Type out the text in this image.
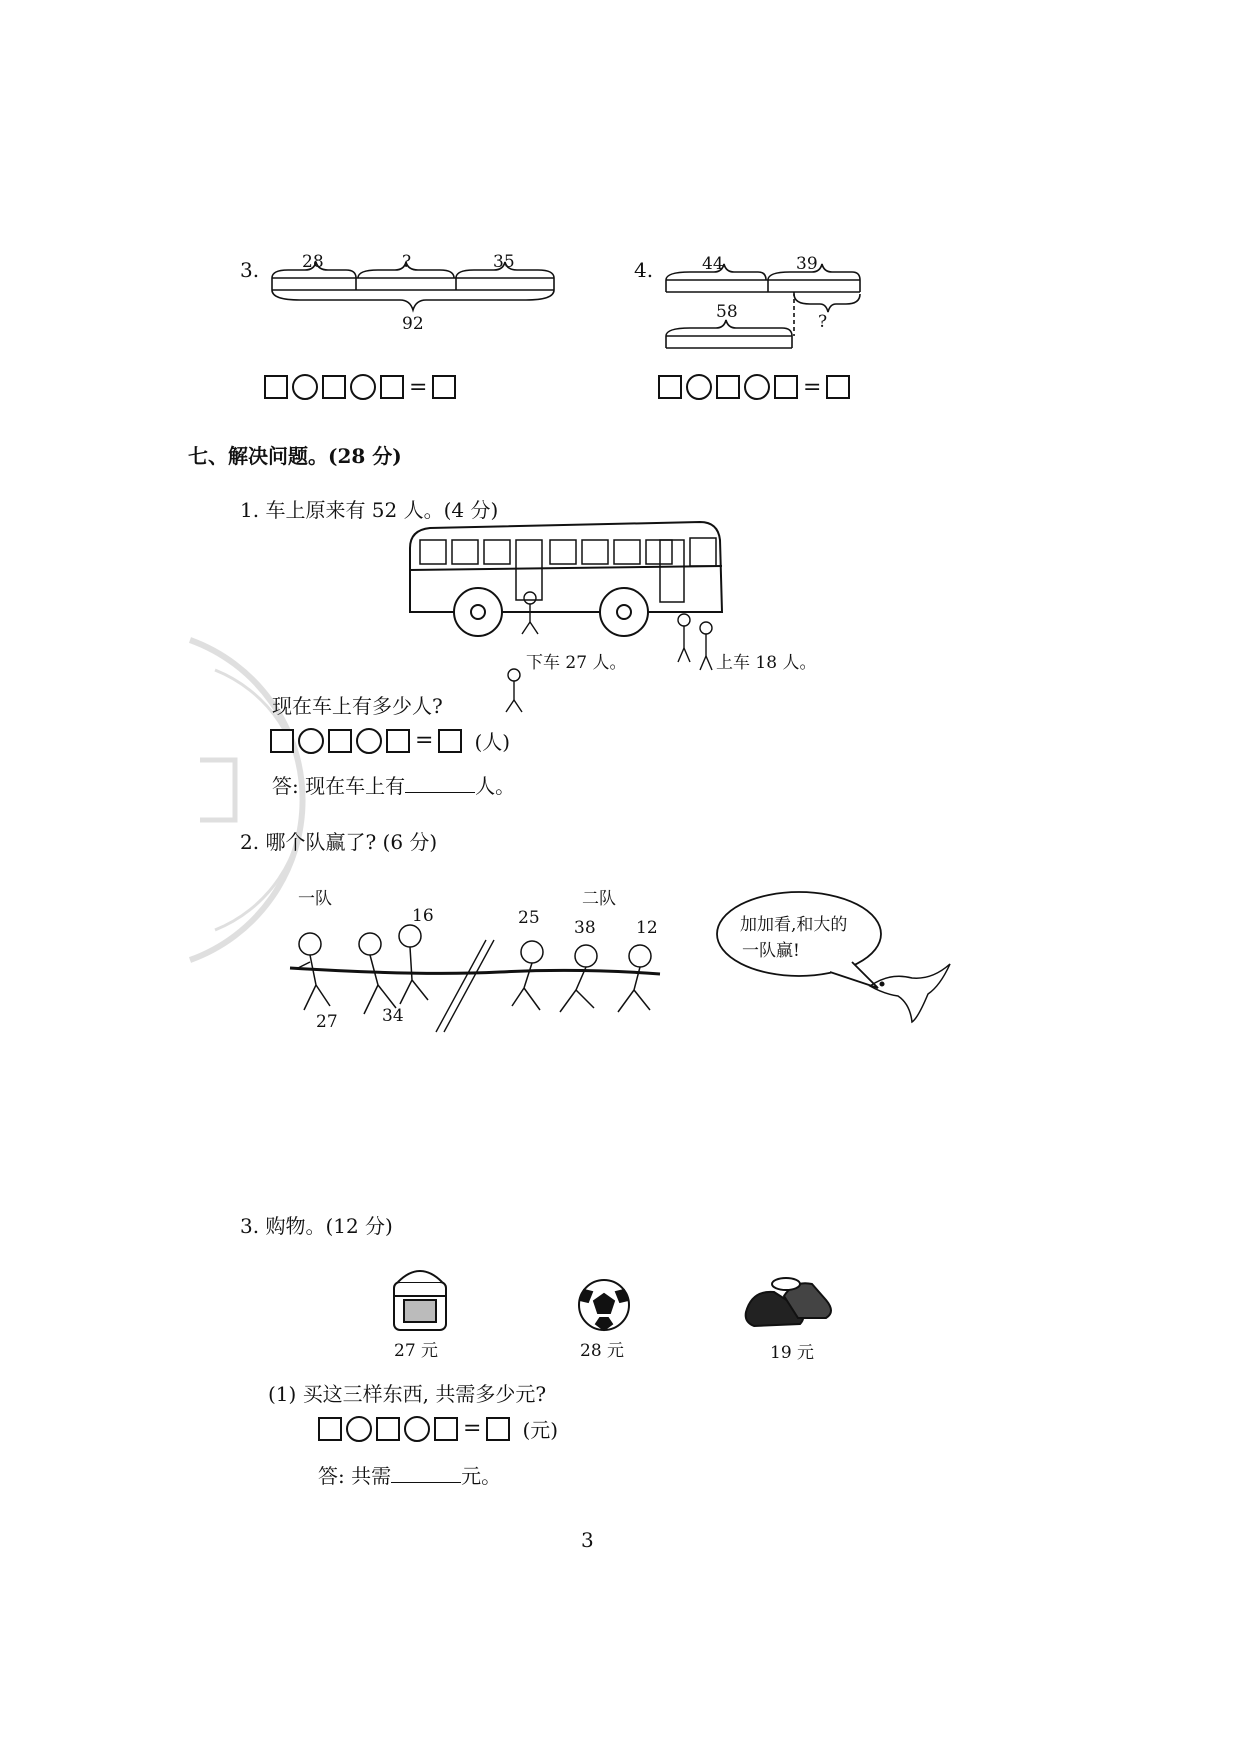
3.	28	?	35
92
4.	44	39
58	?
=	=
七、解决问题。(28 分)
1. 车上原来有 52 人。(4 分)
下车 27 人。	上车 18 人。
现在车上有多少人?
= (人)
答: 现在车上有	人。
2. 哪个队赢了? (6 分)
一队	二队
27	34
16	25 38 12	加加看,和大的
一队赢!
3. 购物。(12 分)
27 元	28 元	19 元
(1) 买这三样东西, 共需多少元?
= (元)
答: 共需	元。
3
